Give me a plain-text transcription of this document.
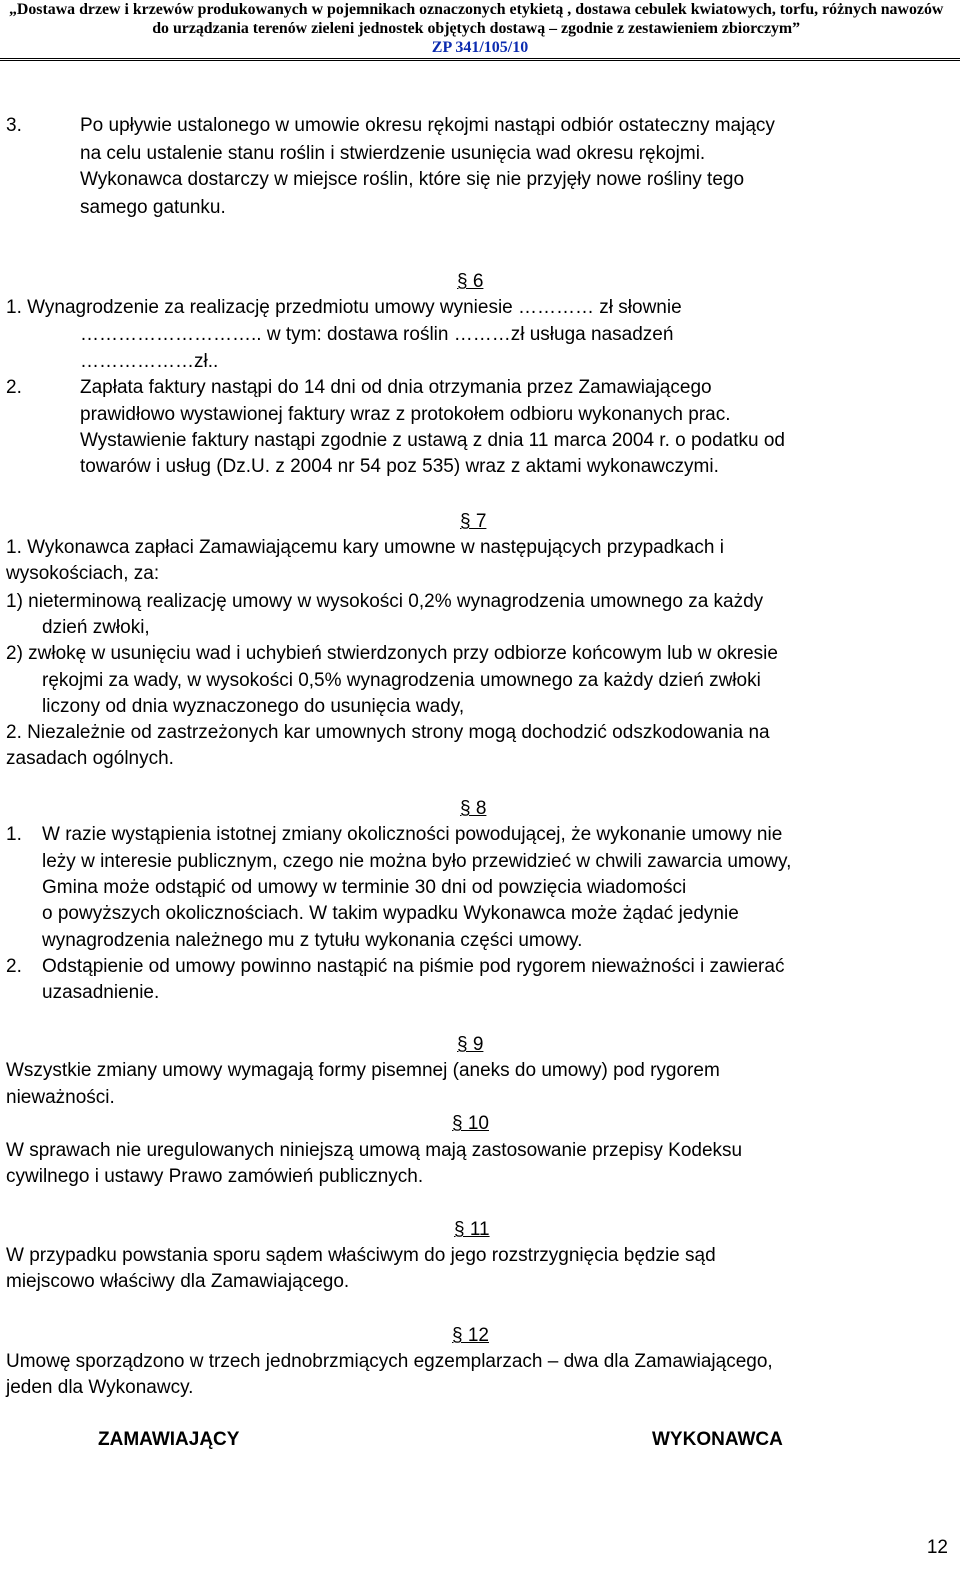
„Dostawa drzew i krzewów produkowanych w pojemnikach oznaczonych etykietą , dostawa cebulek kwiatowych, torfu, różnych nawozów
do urządzania terenów zieleni jednostek objętych dostawą – zgodnie z zestawieniem zbiorczym”
ZP 341/105/10
3.	Po upływie ustalonego w umowie okresu rękojmi nastąpi odbiór ostateczny mający
na celu ustalenie stanu roślin i stwierdzenie usunięcia wad okresu rękojmi.
Wykonawca dostarczy w miejsce roślin, które się nie przyjęły nowe rośliny tego
samego gatunku.
§ 6
1. Wynagrodzenie za realizację przedmiotu umowy wyniesie ………… zł słownie
……………………….. w tym: dostawa roślin ………zł usługa nasadzeń
………………zł..
2.	Zapłata faktury nastąpi do 14 dni od dnia otrzymania przez Zamawiającego
prawidłowo wystawionej faktury wraz z protokołem odbioru wykonanych prac.
Wystawienie faktury nastąpi zgodnie z ustawą z dnia 11 marca 2004 r. o podatku od
towarów i usług (Dz.U. z 2004 nr 54 poz 535) wraz z aktami wykonawczymi.
§ 7
1. Wykonawca zapłaci Zamawiającemu kary umowne w następujących przypadkach i
wysokościach, za:
1) nieterminową realizację umowy w wysokości 0,2% wynagrodzenia umownego za każdy
dzień zwłoki,
2) zwłokę w usunięciu wad i uchybień stwierdzonych przy odbiorze końcowym lub w okresie
rękojmi za wady, w wysokości 0,5% wynagrodzenia umownego za każdy dzień zwłoki
liczony od dnia wyznaczonego do usunięcia wady,
2. Niezależnie od zastrzeżonych kar umownych strony mogą dochodzić odszkodowania na
zasadach ogólnych.
§ 8
1. W razie wystąpienia istotnej zmiany okoliczności powodującej, że wykonanie umowy nie
leży w interesie publicznym, czego nie można było przewidzieć w chwili zawarcia umowy,
Gmina może odstąpić od umowy w terminie 30 dni od powzięcia wiadomości
o powyższych okolicznościach. W takim wypadku Wykonawca może żądać jedynie
wynagrodzenia należnego mu z tytułu wykonania części umowy.
2. Odstąpienie od umowy powinno nastąpić na piśmie pod rygorem nieważności i zawierać
uzasadnienie.
§ 9
Wszystkie zmiany umowy wymagają formy pisemnej (aneks do umowy) pod rygorem
nieważności.
§ 10
W sprawach nie uregulowanych niniejszą umową mają zastosowanie przepisy Kodeksu
cywilnego i ustawy Prawo zamówień publicznych.
§ 11
W przypadku powstania sporu sądem właściwym do jego rozstrzygnięcia będzie sąd
miejscowo właściwy dla Zamawiającego.
§ 12
Umowę sporządzono w trzech jednobrzmiących egzemplarzach – dwa dla Zamawiającego,
jeden dla Wykonawcy.
ZAMAWIAJĄCY	WYKONAWCA
12
